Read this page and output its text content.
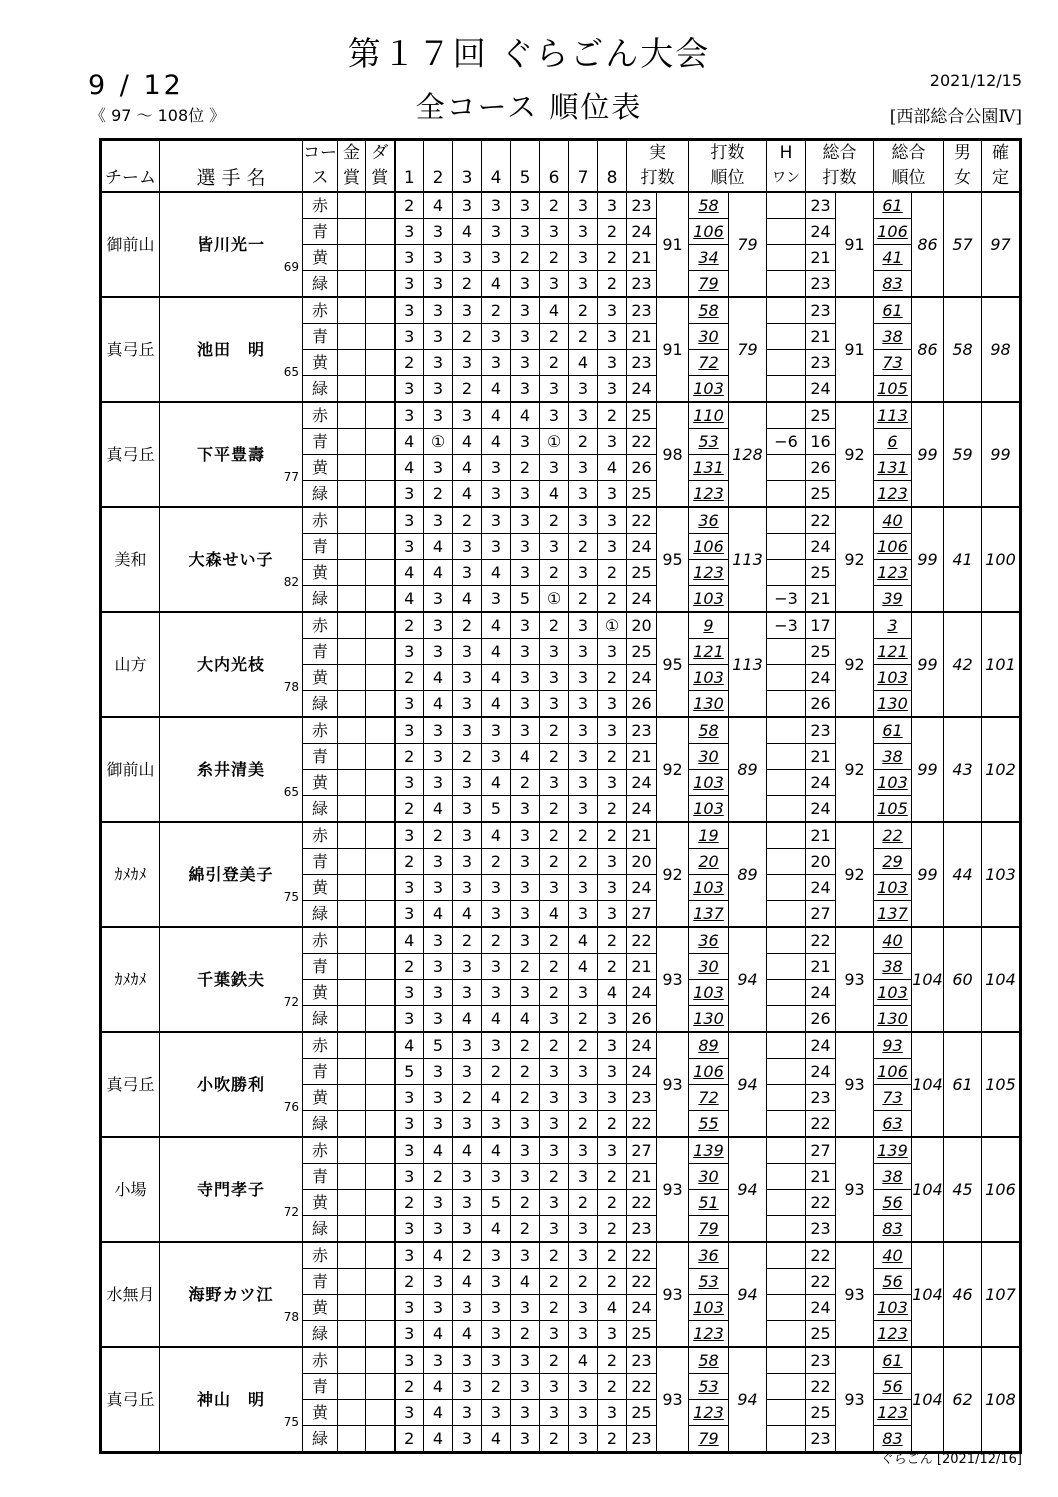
第１７回 ぐらごん大会
全コース 順位表
9 / 12
《 97 ～ 108位 》
2021/12/15
[西部総合公園Ⅳ]
チーム	選 手 名	コー	金	ダ	1	2	3	4	5	6	7	8	実		打数		H	総合		総合		男	確
		ス	賞	賞									打数		順位		ワン	打数		順位		女	定
御前山	皆川光一
69	赤			2	4	3	3	3	2	3	3	23	91	58	79		23	91	61	86	57	97
		青			3	3	4	3	3	3	3	2	24		106			24		106			
		黄			3	3	3	3	2	2	3	2	21		34			21		41			
		緑			3	3	2	4	3	3	3	2	23		79			23		83			
真弓丘	池田　明
65	赤			3	3	3	2	3	4	2	3	23	91	58	79		23	91	61	86	58	98
		青			3	3	2	3	3	2	2	3	21		30			21		38			
		黄			2	3	3	3	3	2	4	3	23		72			23		73			
		緑			3	3	2	4	3	3	3	3	24		103			24		105			
真弓丘	下平豊壽
77	赤			3	3	3	4	4	3	3	2	25	98	110	128		25	92	113	99	59	99
		青			4	①	4	4	3	①	2	3	22		53		−6	16		6			
		黄			4	3	4	3	2	3	3	4	26		131			26		131			
		緑			3	2	4	3	3	4	3	3	25		123			25		123			
美和	大森せい子
82	赤			3	3	2	3	3	2	3	3	22	95	36	113		22	92	40	99	41	100
		青			3	4	3	3	3	3	2	3	24		106			24		106			
		黄			4	4	3	4	3	2	3	2	25		123			25		123			
		緑			4	3	4	3	5	①	2	2	24		103		−3	21		39			
山方	大内光枝
78	赤			2	3	2	4	3	2	3	①	20	95	9	113	−3	17	92	3	99	42	101
		青			3	3	3	4	3	3	3	3	25		121			25		121			
		黄			2	4	3	4	3	3	3	2	24		103			24		103			
		緑			3	4	3	4	3	3	3	3	26		130			26		130			
御前山	糸井清美
65	赤			3	3	3	3	3	2	3	3	23	92	58	89		23	92	61	99	43	102
		青			2	3	2	3	4	2	3	2	21		30			21		38			
		黄			3	3	3	4	2	3	3	3	24		103			24		103			
		緑			2	4	3	5	3	2	3	2	24		103			24		105			
ｶﾒｶﾒ	綿引登美子
75	赤			3	2	3	4	3	2	2	2	21	92	19	89		21	92	22	99	44	103
		青			2	3	3	2	3	2	2	3	20		20			20		29			
		黄			3	3	3	3	3	3	3	3	24		103			24		103			
		緑			3	4	4	3	3	4	3	3	27		137			27		137			
ｶﾒｶﾒ	千葉鉄夫
72	赤			4	3	2	2	3	2	4	2	22	93	36	94		22	93	40	104	60	104
		青			2	3	3	3	2	2	4	2	21		30			21		38			
		黄			3	3	3	3	3	2	3	4	24		103			24		103			
		緑			3	3	4	4	4	3	2	3	26		130			26		130			
真弓丘	小吹勝利
76	赤			4	5	3	3	2	2	2	3	24	93	89	94		24	93	93	104	61	105
		青			5	3	3	2	2	3	3	3	24		106			24		106			
		黄			3	3	2	4	2	3	3	3	23		72			23		73			
		緑			3	3	3	3	3	3	2	2	22		55			22		63			
小場	寺門孝子
72	赤			3	4	4	4	3	3	3	3	27	93	139	94		27	93	139	104	45	106
		青			3	2	3	3	3	2	3	2	21		30			21		38			
		黄			2	3	3	5	2	3	2	2	22		51			22		56			
		緑			3	3	3	4	2	3	3	2	23		79			23		83			
水無月	海野カツ江
78	赤			3	4	2	3	3	2	3	2	22	93	36	94		22	93	40	104	46	107
		青			2	3	4	3	4	2	2	2	22		53			22		56			
		黄			3	3	3	3	3	2	3	4	24		103			24		103			
		緑			3	4	4	3	2	3	3	3	25		123			25		123			
真弓丘	神山　明
75	赤			3	3	3	3	3	2	4	2	23	93	58	94		23	93	61	104	62	108
		青			2	4	3	2	3	3	3	2	22		53			22		56			
		黄			3	4	3	3	3	3	3	3	25		123			25		123			
		緑			2	4	3	4	3	2	3	2	23		79			23		83			
ぐらごん [2021/12/16]
